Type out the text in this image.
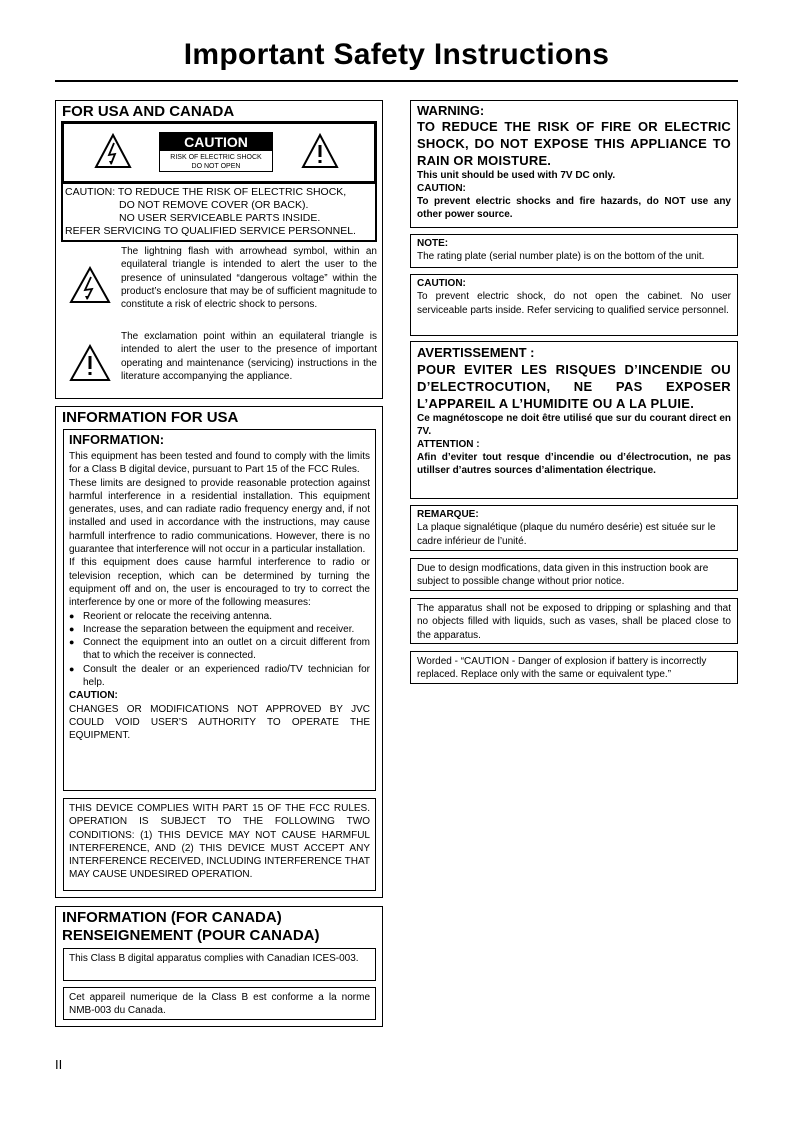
Important Safety Instructions
FOR USA AND CANADA
CAUTION
RISK OF ELECTRIC SHOCK
DO NOT OPEN
CAUTION: TO REDUCE THE RISK OF ELECTRIC SHOCK,
DO NOT REMOVE COVER (OR BACK).
NO USER SERVICEABLE PARTS INSIDE.
REFER SERVICING TO QUALIFIED SERVICE PERSONNEL.
The lightning flash with arrowhead symbol, within an equilateral triangle is intended to alert the user to the presence of uninsulated “dangerous voltage” within the product’s enclosure that may be of sufficient magnitude to constitute a risk of electric shock to persons.
The exclamation point within an equilateral triangle is intended to alert the user to the presence of important operating and maintenance (servicing) instructions in the literature accompanying the appliance.
INFORMATION FOR USA
INFORMATION:
This equipment has been tested and found to comply with the limits for a Class B digital device, pursuant to Part 15 of the FCC Rules.
These limits are designed to provide reasonable protection against harmful interference in a residential installation. This equipment generates, uses, and can radiate radio frequency energy and, if not installed and used in accordance with the instructions, may cause harmfull interfrence to radio communications. However, there is no guarantee that interference will not occur in a particular installation.
If this equipment does cause harmful interference to radio or television reception, which can be determined by turning the equipment off and on, the user is encouraged to try to correct the interference by one or more of the following measures:
● Reorient or relocate the receiving antenna.
● Increase the separation between the equipment and receiver.
● Connect the equipment into an outlet on a circuit different from that to which the receiver is connected.
● Consult the dealer or an experienced radio/TV technician for help.
CAUTION:
CHANGES OR MODIFICATIONS NOT APPROVED BY JVC COULD VOID USER’S AUTHORITY TO OPERATE THE EQUIPMENT.
THIS DEVICE COMPLIES WITH PART 15 OF THE FCC RULES. OPERATION IS SUBJECT TO THE FOLLOWING TWO CONDITIONS: (1) THIS DEVICE MAY NOT CAUSE HARMFUL INTERFERENCE, AND (2) THIS DEVICE MUST ACCEPT ANY INTERFERENCE RECEIVED, INCLUDING INTERFERENCE THAT MAY CAUSE UNDESIRED OPERATION.
INFORMATION (FOR CANADA)
RENSEIGNEMENT (POUR CANADA)
This Class B digital apparatus complies with Canadian ICES-003.
Cet appareil numerique de la Class B est conforme a la norme NMB-003 du Canada.
WARNING:
TO REDUCE THE RISK OF FIRE OR ELECTRIC SHOCK, DO NOT EXPOSE THIS APPLIANCE TO RAIN OR MOISTURE.
This unit should be used with 7V DC only.
CAUTION:
To prevent electric shocks and fire hazards, do NOT use any other power source.
NOTE:
The rating plate (serial number plate) is on the bottom of the unit.
CAUTION:
To prevent electric shock, do not open the cabinet. No user serviceable parts inside. Refer servicing to qualified service personnel.
AVERTISSEMENT :
POUR EVITER LES RISQUES D’INCENDIE OU D’ELECTROCUTION, NE PAS EXPOSER L’APPAREIL A L’HUMIDITE OU A LA PLUIE.
Ce magnétoscope ne doit être utilisé que sur du courant direct en 7V.
ATTENTION :
Afin d’eviter tout resque d’incendie ou d’électrocution, ne pas utillser d’autres sources d’alimentation électrique.
REMARQUE:
La plaque signalétique (plaque du numéro desérie) est située sur le cadre inférieur de l’unité.
Due to design modfications, data given in this instruction book are subject to possible change without prior notice.
The apparatus shall not be exposed to dripping or splashing and that no objects filled with liquids, such as vases, shall be placed close to the apparatus.
Worded - “CAUTION - Danger of explosion if battery is incorrectly replaced. Replace only with the same or equivalent type.”
II
